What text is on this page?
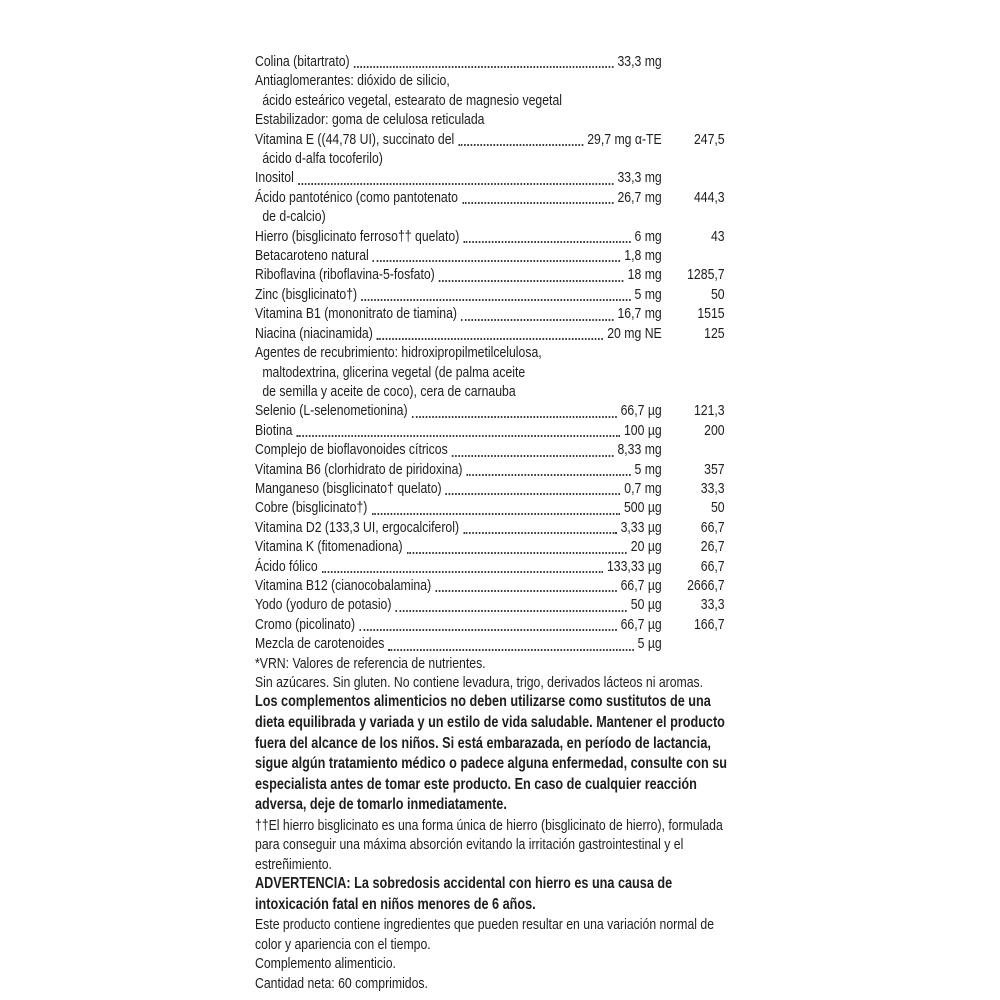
Colina (bitartrato)	33,3 mg
Antiaglomerantes: dióxido de silicio,
ácido esteárico vegetal, estearato de magnesio vegetal
Estabilizador: goma de celulosa reticulada
Vitamina E ((44,78 UI), succinato del	29,7 mg α-TE	247,5
ácido d-alfa tocoferilo)
Inositol	33,3 mg
Ácido pantoténico (como pantotenato	26,7 mg	444,3
de d-calcio)
Hierro (bisglicinato ferroso†† quelato)	6 mg	43
Betacaroteno natural	1,8 mg
Riboflavina (riboflavina-5-fosfato)	18 mg	1285,7
Zinc (bisglicinato†)	5 mg	50
Vitamina B1 (mononitrato de tiamina)	16,7 mg	1515
Niacina (niacinamida)	20 mg NE	125
Agentes de recubrimiento: hidroxipropilmetilcelulosa,
maltodextrina, glicerina vegetal (de palma aceite
de semilla y aceite de coco), cera de carnauba
Selenio (L-selenometionina)	66,7 µg	121,3
Biotina	100 µg	200
Complejo de bioflavonoides cítricos	8,33 mg
Vitamina B6 (clorhidrato de piridoxina)	5 mg	357
Manganeso (bisglicinato† quelato)	0,7 mg	33,3
Cobre (bisglicinato†)	500 µg	50
Vitamina D2 (133,3 UI, ergocalciferol)	3,33 µg	66,7
Vitamina K (fitomenadiona)	20 µg	26,7
Ácido fólico	133,33 µg	66,7
Vitamina B12 (cianocobalamina)	66,7 µg	2666,7
Yodo (yoduro de potasio)	50 µg	33,3
Cromo (picolinato)	66,7 µg	166,7
Mezcla de carotenoides	5 µg
*VRN: Valores de referencia de nutrientes.
Sin azúcares. Sin gluten. No contiene levadura, trigo, derivados lácteos ni aromas.
Los complementos alimenticios no deben utilizarse como sustitutos de una dieta equilibrada y variada y un estilo de vida saludable. Mantener el producto fuera del alcance de los niños. Si está embarazada, en período de lactancia, sigue algún tratamiento médico o padece alguna enfermedad, consulte con su especialista antes de tomar este producto. En caso de cualquier reacción adversa, deje de tomarlo inmediatamente.
††El hierro bisglicinato es una forma única de hierro (bisglicinato de hierro), formulada para conseguir una máxima absorción evitando la irritación gastrointestinal y el estreñimiento.
ADVERTENCIA: La sobredosis accidental con hierro es una causa de intoxicación fatal en niños menores de 6 años.
Este producto contiene ingredientes que pueden resultar en una variación normal de color y apariencia con el tiempo.
Complemento alimenticio.
Cantidad neta: 60 comprimidos.
